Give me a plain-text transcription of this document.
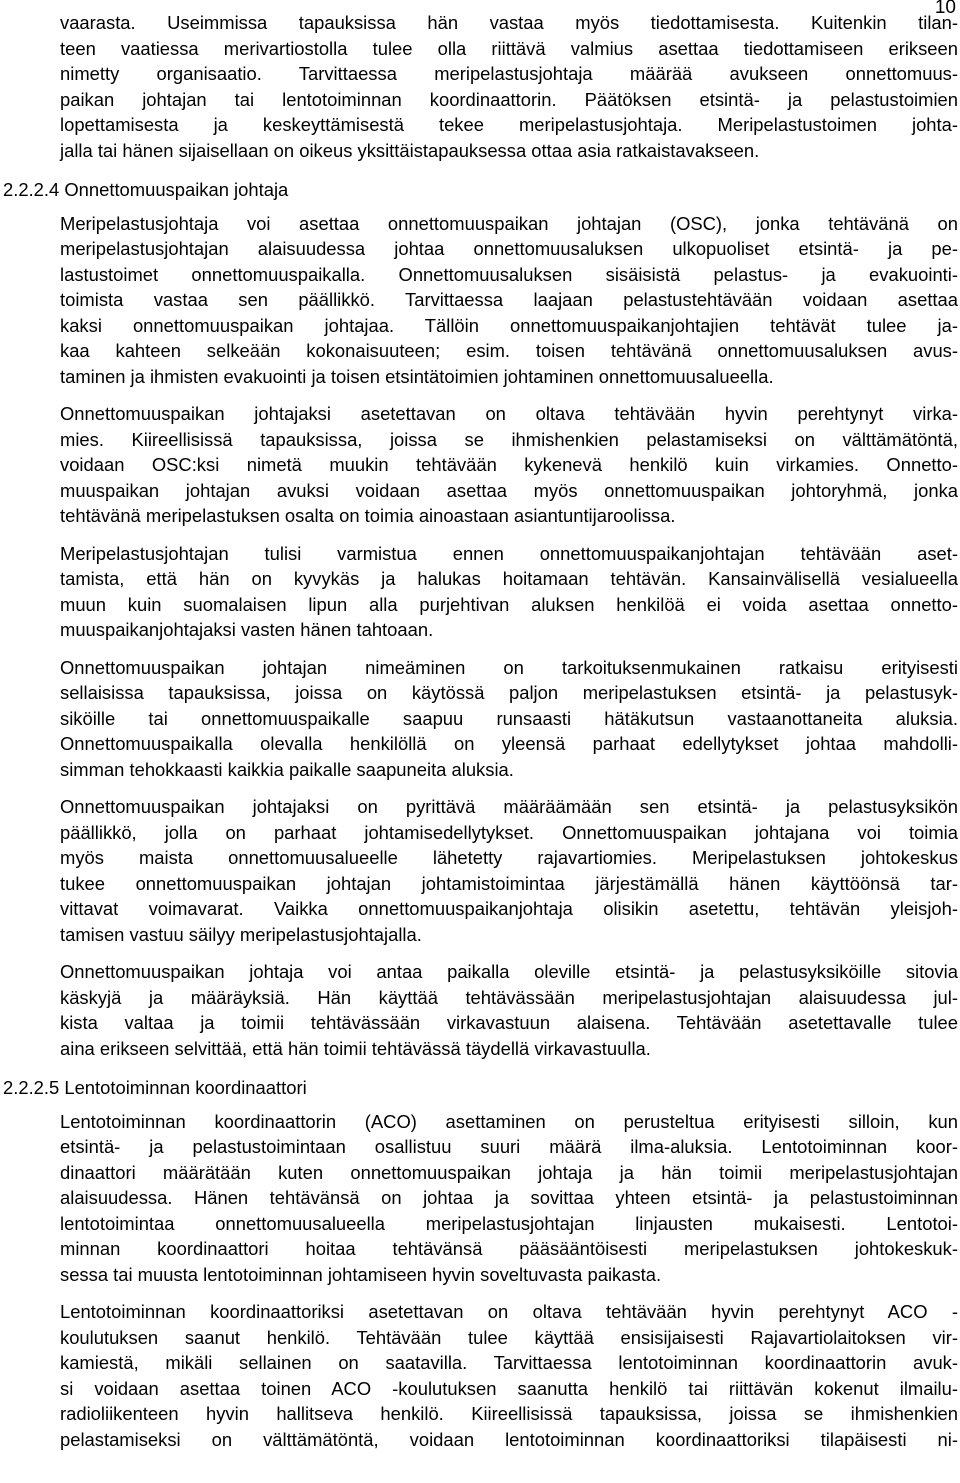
10
vaarasta. Useimmissa tapauksissa hän vastaa myös tiedottamisesta. Kuitenkin tilan-
teen vaatiessa merivartiostolla tulee olla riittävä valmius asettaa tiedottamiseen erikseen
nimetty organisaatio. Tarvittaessa meripelastusjohtaja määrää avukseen onnettomuus-
paikan johtajan tai lentotoiminnan koordinaattorin. Päätöksen etsintä- ja pelastustoimien
lopettamisesta ja keskeyttämisestä tekee meripelastusjohtaja. Meripelastustoimen johta-
jalla tai hänen sijaisellaan on oikeus yksittäistapauksessa ottaa asia ratkaistavakseen.
2.2.2.4 Onnettomuuspaikan johtaja
Meripelastusjohtaja voi asettaa onnettomuuspaikan johtajan (OSC), jonka tehtävänä on
meripelastusjohtajan alaisuudessa johtaa onnettomuusaluksen ulkopuoliset etsintä- ja pe-
lastustoimet onnettomuuspaikalla. Onnettomuusaluksen sisäisistä pelastus- ja evakuointi-
toimista vastaa sen päällikkö. Tarvittaessa laajaan pelastustehtävään voidaan asettaa
kaksi onnettomuuspaikan johtajaa. Tällöin onnettomuuspaikanjohtajien tehtävät tulee ja-
kaa kahteen selkeään kokonaisuuteen; esim. toisen tehtävänä onnettomuusaluksen avus-
taminen ja ihmisten evakuointi ja toisen etsintätoimien johtaminen onnettomuusalueella.
Onnettomuuspaikan johtajaksi asetettavan on oltava tehtävään hyvin perehtynyt virka-
mies. Kiireellisissä tapauksissa, joissa se ihmishenkien pelastamiseksi on välttämätöntä,
voidaan OSC:ksi nimetä muukin tehtävään kykenevä henkilö kuin virkamies. Onnetto-
muuspaikan johtajan avuksi voidaan asettaa myös onnettomuuspaikan johtoryhmä, jonka
tehtävänä meripelastuksen osalta on toimia ainoastaan asiantuntijaroolissa.
Meripelastusjohtajan tulisi varmistua ennen onnettomuuspaikanjohtajan tehtävään aset-
tamista, että hän on kyvykäs ja halukas hoitamaan tehtävän. Kansainvälisellä vesialueella
muun kuin suomalaisen lipun alla purjehtivan aluksen henkilöä ei voida asettaa onnetto-
muuspaikanjohtajaksi vasten hänen tahtoaan.
Onnettomuuspaikan johtajan nimeäminen on tarkoituksenmukainen ratkaisu erityisesti
sellaisissa tapauksissa, joissa on käytössä paljon meripelastuksen etsintä- ja pelastusyk-
siköille tai onnettomuuspaikalle saapuu runsaasti hätäkutsun vastaanottaneita aluksia.
Onnettomuuspaikalla olevalla henkilöllä on yleensä parhaat edellytykset johtaa mahdolli-
simman tehokkaasti kaikkia paikalle saapuneita aluksia.
Onnettomuuspaikan johtajaksi on pyrittävä määräämään sen etsintä- ja pelastusyksikön
päällikkö, jolla on parhaat johtamisedellytykset. Onnettomuuspaikan johtajana voi toimia
myös maista onnettomuusalueelle lähetetty rajavartiomies. Meripelastuksen johtokeskus
tukee onnettomuuspaikan johtajan johtamistoimintaa järjestämällä hänen käyttöönsä tar-
vittavat voimavarat. Vaikka onnettomuuspaikanjohtaja olisikin asetettu, tehtävän yleisjoh-
tamisen vastuu säilyy meripelastusjohtajalla.
Onnettomuuspaikan johtaja voi antaa paikalla oleville etsintä- ja pelastusyksiköille sitovia
käskyjä ja määräyksiä. Hän käyttää tehtävässään meripelastusjohtajan alaisuudessa jul-
kista valtaa ja toimii tehtävässään virkavastuun alaisena. Tehtävään asetettavalle tulee
aina erikseen selvittää, että hän toimii tehtävässä täydellä virkavastuulla.
2.2.2.5 Lentotoiminnan koordinaattori
Lentotoiminnan koordinaattorin (ACO) asettaminen on perusteltua erityisesti silloin, kun
etsintä- ja pelastustoimintaan osallistuu suuri määrä ilma-aluksia. Lentotoiminnan koor-
dinaattori määrätään kuten onnettomuuspaikan johtaja ja hän toimii meripelastusjohtajan
alaisuudessa. Hänen tehtävänsä on johtaa ja sovittaa yhteen etsintä- ja pelastustoiminnan
lentotoimintaa onnettomuusalueella meripelastusjohtajan linjausten mukaisesti. Lentotoi-
minnan koordinaattori hoitaa tehtävänsä pääsääntöisesti meripelastuksen johtokeskuk-
sessa tai muusta lentotoiminnan johtamiseen hyvin soveltuvasta paikasta.
Lentotoiminnan koordinaattoriksi asetettavan on oltava tehtävään hyvin perehtynyt ACO -
koulutuksen saanut henkilö. Tehtävään tulee käyttää ensisijaisesti Rajavartiolaitoksen vir-
kamiestä, mikäli sellainen on saatavilla. Tarvittaessa lentotoiminnan koordinaattorin avuk-
si voidaan asettaa toinen ACO -koulutuksen saanutta henkilö tai riittävän kokenut ilmailu-
radioliikenteen hyvin hallitseva henkilö. Kiireellisissä tapauksissa, joissa se ihmishenkien
pelastamiseksi on välttämätöntä, voidaan lentotoiminnan koordinaattoriksi tilapäisesti ni-
